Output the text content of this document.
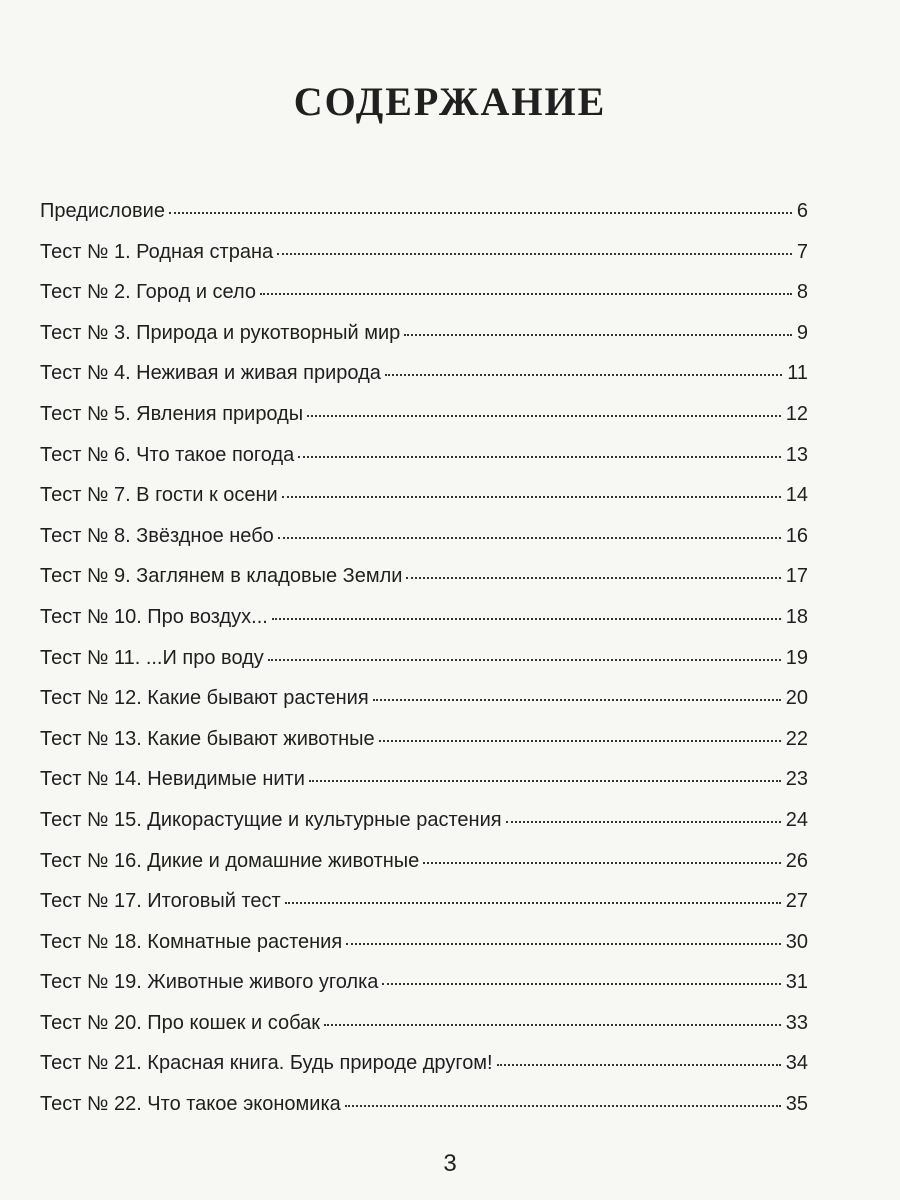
СОДЕРЖАНИЕ
Предисловие	6
Тест № 1. Родная страна	7
Тест № 2. Город и село	8
Тест № 3. Природа и рукотворный мир	9
Тест № 4. Неживая и живая природа	11
Тест № 5. Явления природы	12
Тест № 6. Что такое погода	13
Тест № 7. В гости к осени	14
Тест № 8. Звёздное небо	16
Тест № 9. Заглянем в кладовые Земли	17
Тест № 10. Про воздух...	18
Тест № 11. ...И про воду	19
Тест № 12. Какие бывают растения	20
Тест № 13. Какие бывают животные	22
Тест № 14. Невидимые нити	23
Тест № 15. Дикорастущие и культурные растения	24
Тест № 16. Дикие и домашние животные	26
Тест № 17. Итоговый тест	27
Тест № 18. Комнатные растения	30
Тест № 19. Животные живого уголка	31
Тест № 20. Про кошек и собак	33
Тест № 21. Красная книга. Будь природе другом!	34
Тест № 22. Что такое экономика	35
3
